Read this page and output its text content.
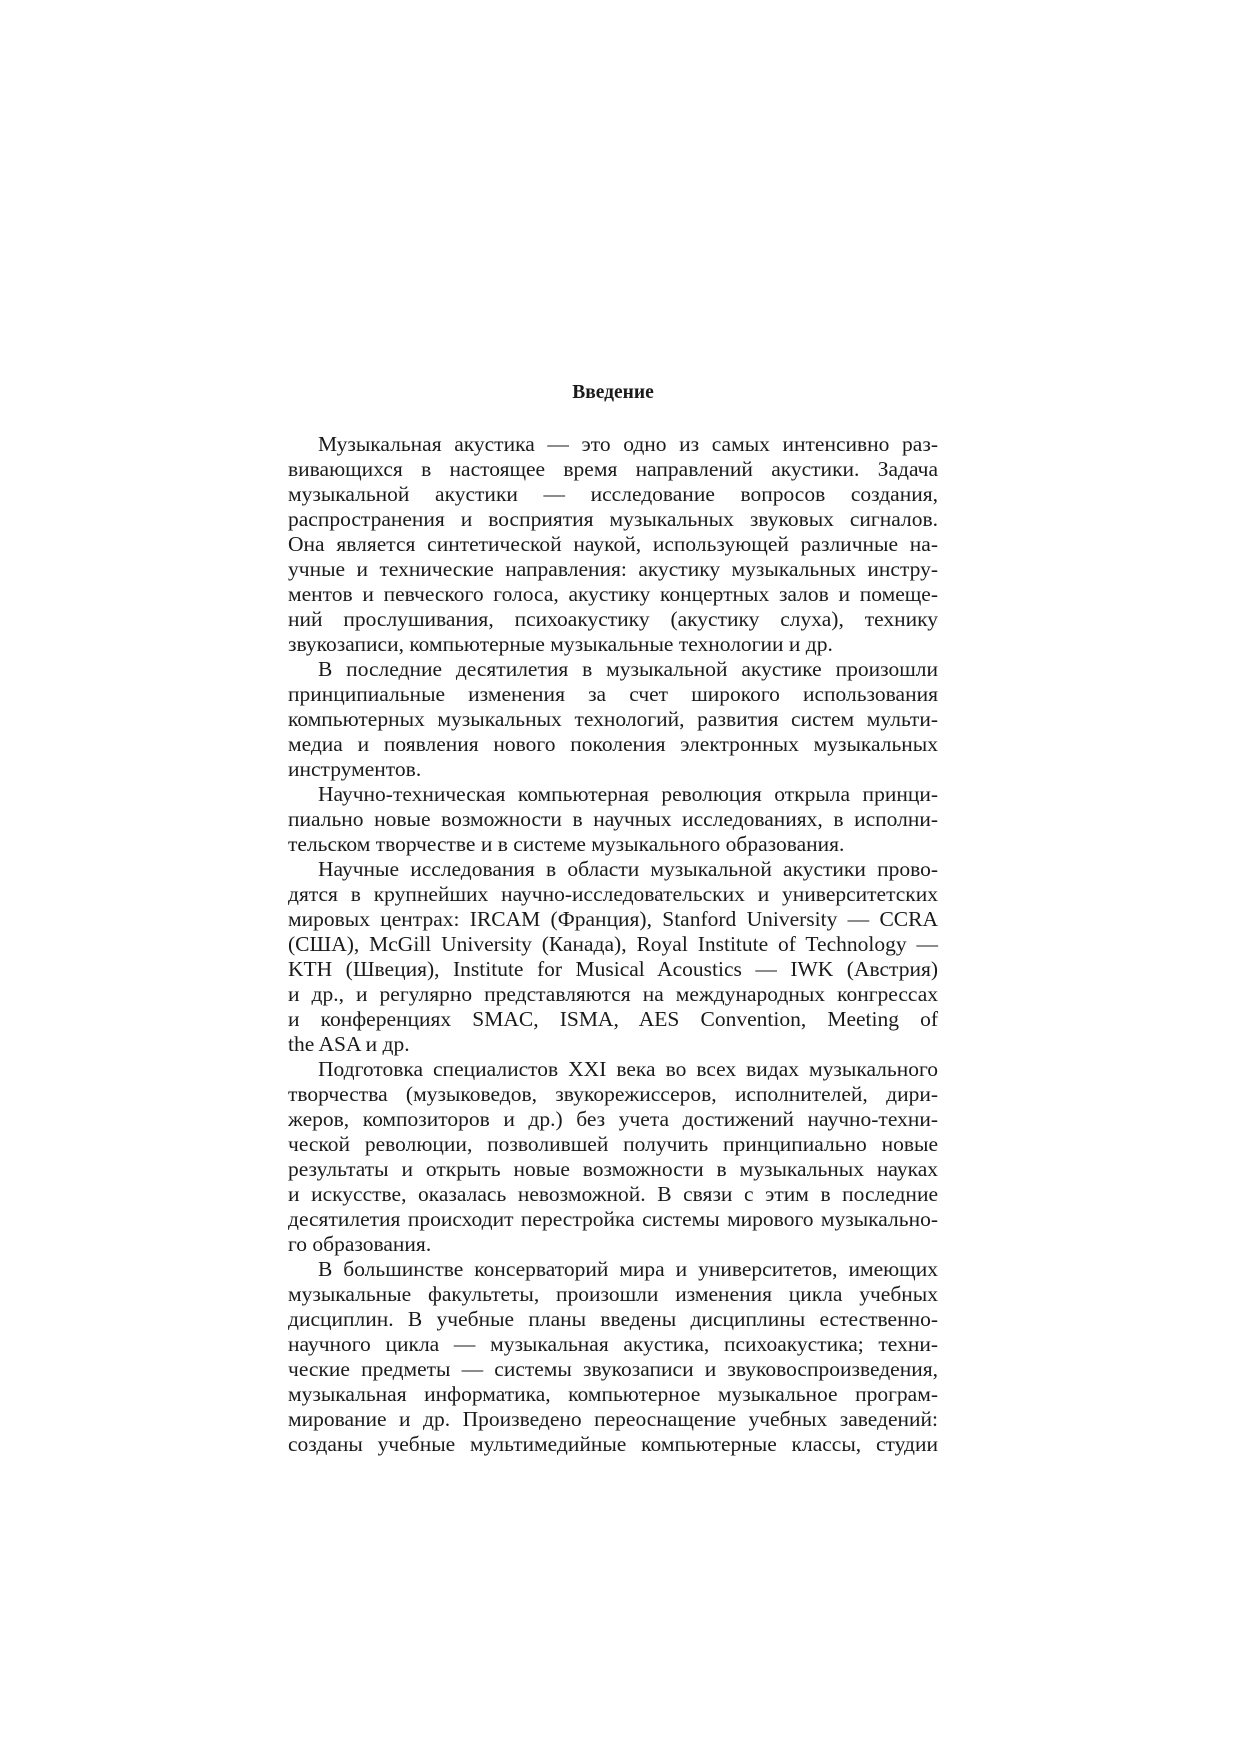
Введение
Музыкальная акустика — это одно из самых интенсивно раз-
вивающихся в настоящее время направлений акустики. Задача
музыкальной акустики — исследование вопросов создания,
распространения и восприятия музыкальных звуковых сигналов.
Она является синтетической наукой, использующей различные на-
учные и технические направления: акустику музыкальных инстру-
ментов и певческого голоса, акустику концертных залов и помеще-
ний прослушивания, психоакустику (акустику слуха), технику
звукозаписи, компьютерные музыкальные технологии и др.
В последние десятилетия в музыкальной акустике произошли
принципиальные изменения за счет широкого использования
компьютерных музыкальных технологий, развития систем мульти-
медиа и появления нового поколения электронных музыкальных
инструментов.
Научно-техническая компьютерная революция открыла принци-
пиально новые возможности в научных исследованиях, в исполни-
тельском творчестве и в системе музыкального образования.
Научные исследования в области музыкальной акустики прово-
дятся в крупнейших научно-исследовательских и университетских
мировых центрах: IRCAM (Франция), Stanford University — CCRA
(США), McGill University (Канада), Royal Institute of Technology —
KTH (Швеция), Institute for Musical Acoustics — IWK (Австрия)
и др., и регулярно представляются на международных конгрессах
и конференциях SMAC, ISMA, AES Convention, Meeting of
the ASA и др.
Подготовка специалистов XXI века во всех видах музыкального
творчества (музыковедов, звукорежиссеров, исполнителей, дири-
жеров, композиторов и др.) без учета достижений научно-техни-
ческой революции, позволившей получить принципиально новые
результаты и открыть новые возможности в музыкальных науках
и искусстве, оказалась невозможной. В связи с этим в последние
десятилетия происходит перестройка системы мирового музыкально-
го образования.
В большинстве консерваторий мира и университетов, имеющих
музыкальные факультеты, произошли изменения цикла учебных
дисциплин. В учебные планы введены дисциплины естественно-
научного цикла — музыкальная акустика, психоакустика; техни-
ческие предметы — системы звукозаписи и звуковоспроизведения,
музыкальная информатика, компьютерное музыкальное програм-
мирование и др. Произведено переоснащение учебных заведений:
созданы учебные мультимедийные компьютерные классы, студии
